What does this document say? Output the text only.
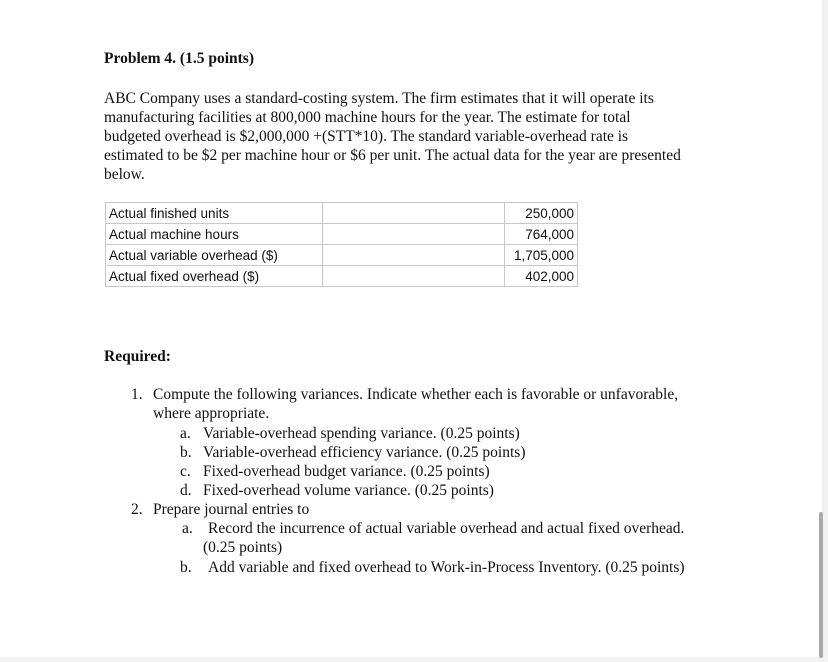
Problem 4. (1.5 points)

ABC Company uses a standard-costing system. The firm estimates that it will operate its
manufacturing facilities at 800,000 machine hours for the year. The estimate for total
budgeted overhead is $2,000,000 +(STT*10). The standard variable-overhead rate is
estimated to be $2 per machine hour or $6 per unit. The actual data for the year are presented
below.

Actual finished units		250,000
Actual machine hours		764,000
Actual variable overhead ($)		1,705,000
Actual fixed overhead ($)		402,000
Required:
1. Compute the following variances. Indicate whether each is favorable or unfavorable,
where appropriate.
a. Variable-overhead spending variance. (0.25 points)
b. Variable-overhead efficiency variance. (0.25 points)
c. Fixed-overhead budget variance. (0.25 points)
d. Fixed-overhead volume variance. (0.25 points)
2. Prepare journal entries to
a. Record the incurrence of actual variable overhead and actual fixed overhead.
(0.25 points)
b. Add variable and fixed overhead to Work-in-Process Inventory. (0.25 points)
